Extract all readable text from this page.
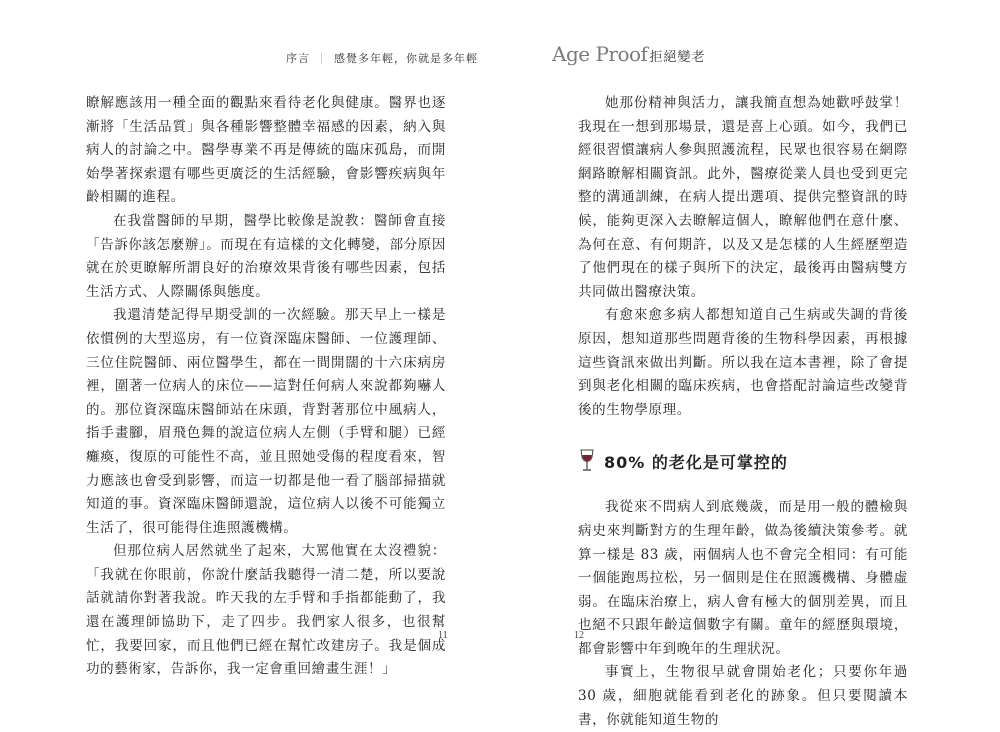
序言 ｜ 感覺多年輕，你就是多年輕

瞭解應該用一種全面的觀點來看待老化與健康。醫界也逐漸將「生活品質」與各種影響整體幸福感的因素，納入與病人的討論之中。醫學專業不再是傳統的臨床孤島，而開始學著探索還有哪些更廣泛的生活經驗，會影響疾病與年齡相關的進程。

在我當醫師的早期，醫學比較像是說教：醫師會直接「告訴你該怎麼辦」。而現在有這樣的文化轉變，部分原因就在於更瞭解所謂良好的治療效果背後有哪些因素，包括生活方式、人際關係與態度。

我還清楚記得早期受訓的一次經驗。那天早上一樣是依慣例的大型巡房，有一位資深臨床醫師、一位護理師、三位住院醫師、兩位醫學生，都在一間開闊的十六床病房裡，圍著一位病人的床位——這對任何病人來說都夠嚇人的。那位資深臨床醫師站在床頭，背對著那位中風病人，指手畫腳，眉飛色舞的說這位病人左側（手臂和腿）已經癱瘓，復原的可能性不高，並且照她受傷的程度看來，智力應該也會受到影響，而這一切都是他一看了腦部掃描就知道的事。資深臨床醫師還說，這位病人以後不可能獨立生活了，很可能得住進照護機構。

但那位病人居然就坐了起來，大罵他實在太沒禮貌：「我就在你眼前，你說什麼話我聽得一清二楚，所以要說話就請你對著我說。昨天我的左手臂和手指都能動了，我還在護理師協助下，走了四步。我們家人很多，也很幫忙，我要回家，而且他們已經在幫忙改建房子。我是個成功的藝術家，告訴你，我一定會重回繪畫生涯！」

11
Age Proof 拒絕變老

她那份精神與活力，讓我簡直想為她歡呼鼓掌！我現在一想到那場景，還是喜上心頭。如今，我們已經很習慣讓病人參與照護流程，民眾也很容易在網際網路瞭解相關資訊。此外，醫療從業人員也受到更完整的溝通訓練，在病人提出選項、提供完整資訊的時候，能夠更深入去瞭解這個人，瞭解他們在意什麼、為何在意、有何期許，以及又是怎樣的人生經歷塑造了他們現在的樣子與所下的決定，最後再由醫病雙方共同做出醫療決策。

有愈來愈多病人都想知道自己生病或失調的背後原因，想知道那些問題背後的生物科學因素，再根據這些資訊來做出判斷。所以我在這本書裡，除了會提到與老化相關的臨床疾病，也會搭配討論這些改變背後的生物學原理。

80% 的老化是可掌控的

我從來不問病人到底幾歲，而是用一般的體檢與病史來判斷對方的生理年齡，做為後續決策參考。就算一樣是 83 歲，兩個病人也不會完全相同：有可能一個能跑馬拉松，另一個則是住在照護機構、身體虛弱。在臨床治療上，病人會有極大的個別差異，而且也絕不只跟年齡這個數字有關。童年的經歷與環境，都會影響中年到晚年的生理狀況。

事實上，生物很早就會開始老化；只要你年過 30 歲，細胞就能看到老化的跡象。但只要閱讀本書，你就能知道生物的

12
